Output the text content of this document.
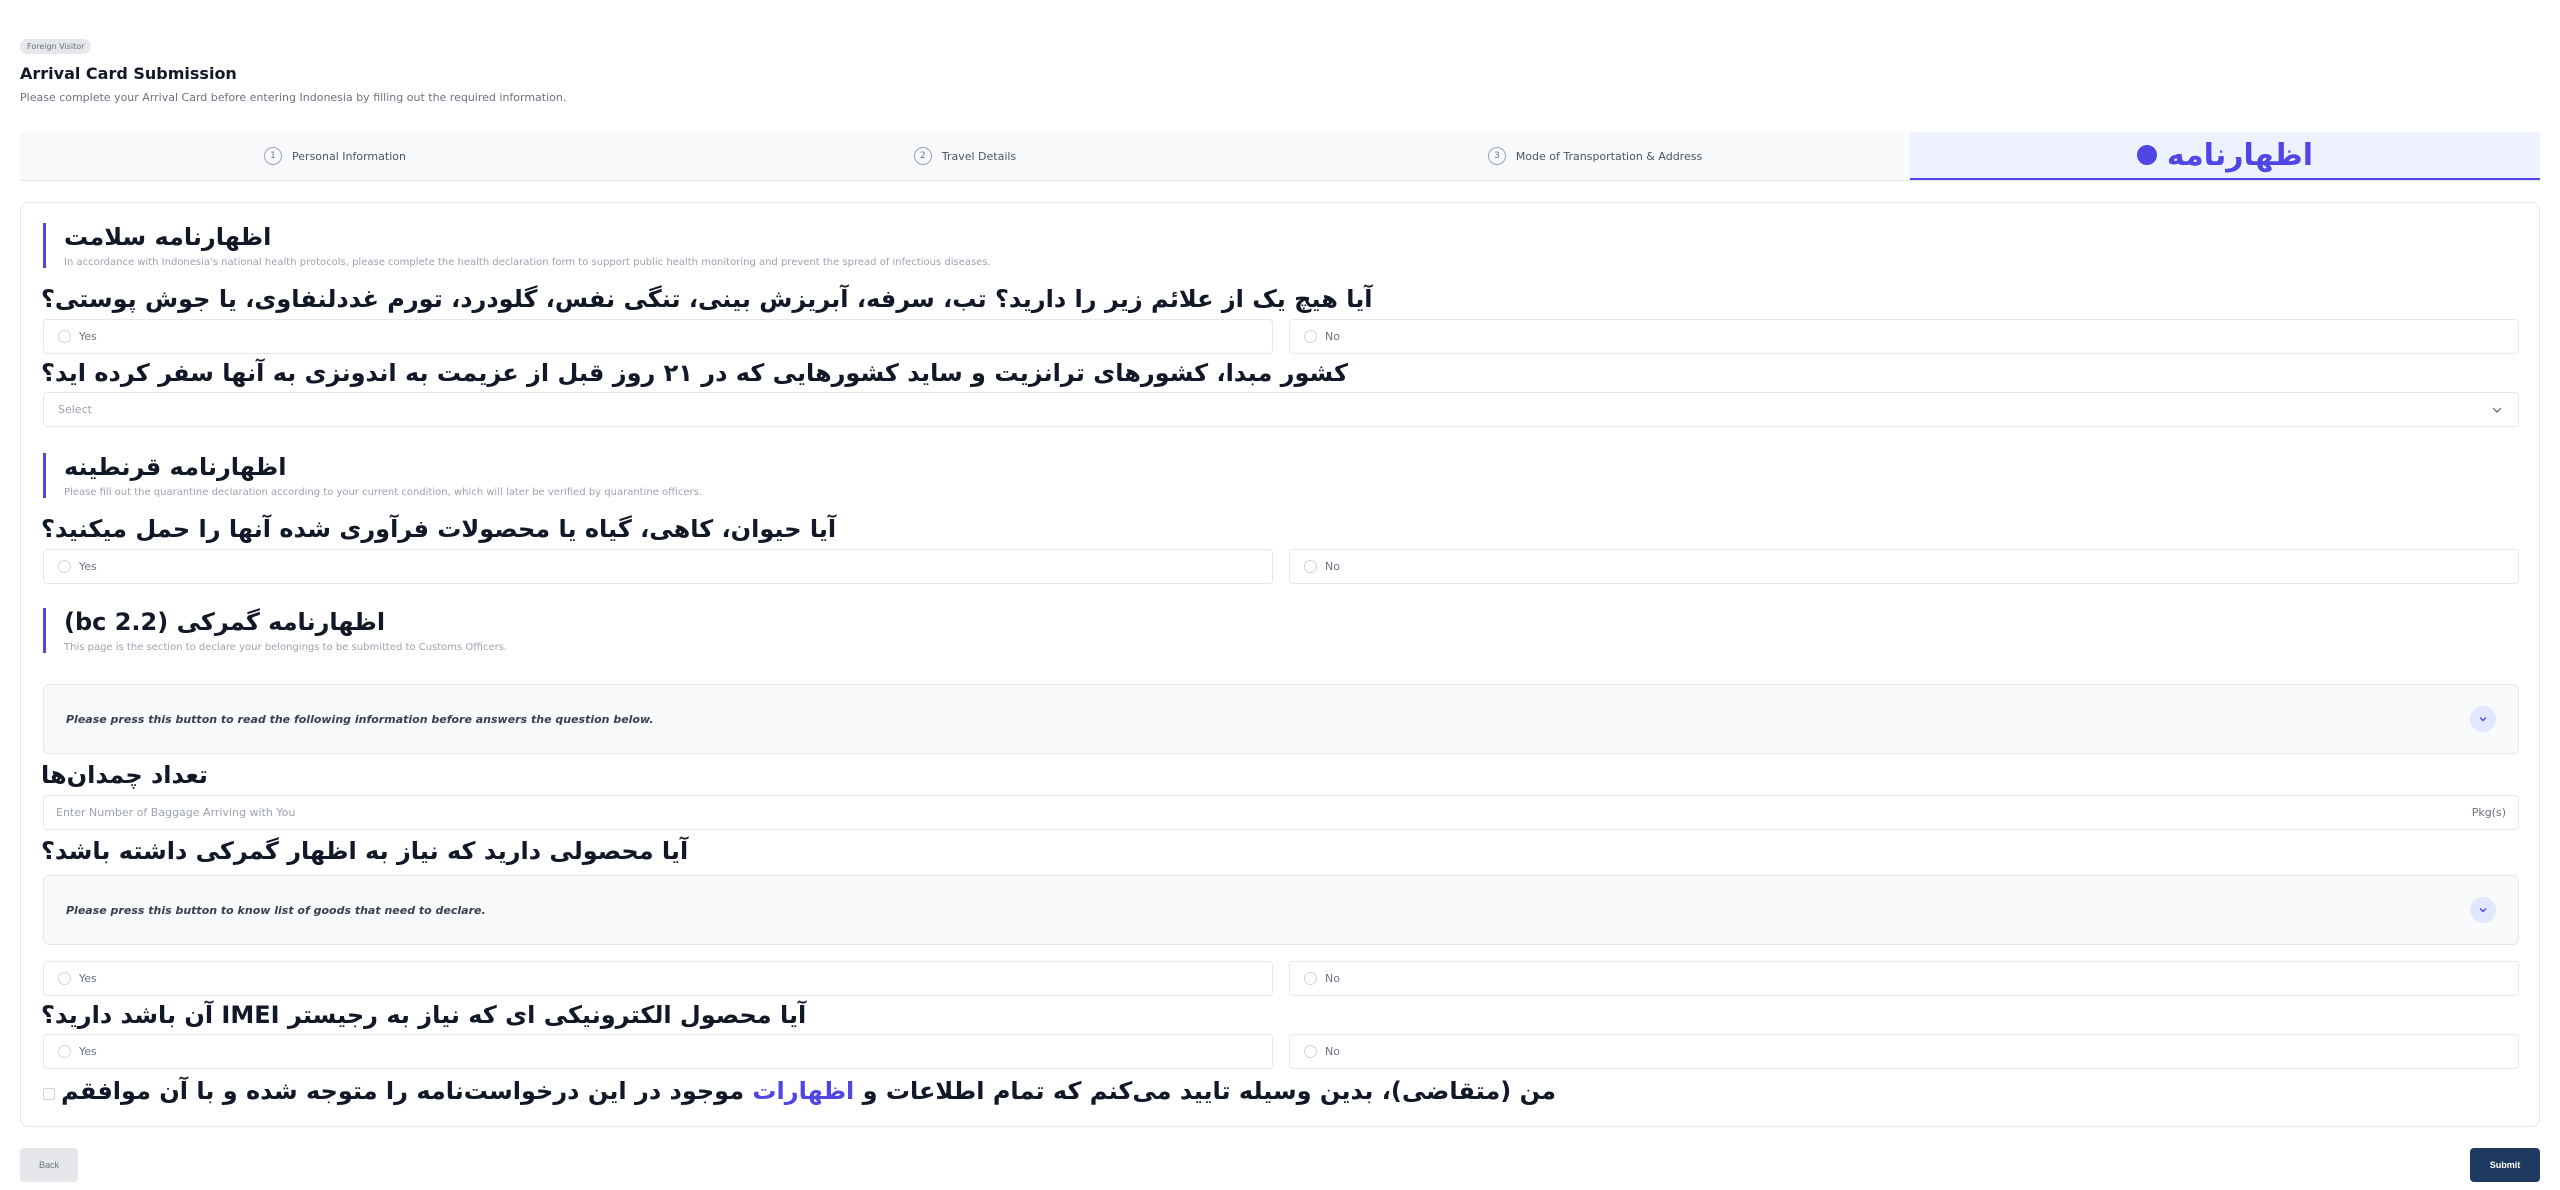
Foreign Visitor
Arrival Card Submission
Please complete your Arrival Card before entering Indonesia by filling out the required information.
1	Personal Information	2	Travel Details	3	Mode of Transportation & Address	اظهارنامه
اظهارنامه سلامت
In accordance with Indonesia's national health protocols, please complete the health declaration form to support public health monitoring and prevent the spread of infectious diseases.
آیا هیچ یک از علائم زیر را دارید؟ تب، سرفه، آبریزش بینی، تنگی نفس، گلودرد، تورم غددلنفاوی، یا جوش پوستی؟
Yes	No
کشور مبدا، کشورهای ترانزیت و ساید کشورهایی که در ۲۱ روز قبل از عزیمت به اندونزی به آنها سفر کرده اید؟
Select
اظهارنامه قرنطینه
Please fill out the quarantine declaration according to your current condition, which will later be verified by quarantine officers.
آیا حیوان، کاهی، گیاه یا محصولات فرآوری شده آنها را حمل میکنید؟
Yes	No
اظهارنامه گمرکی (bc 2.2)
This page is the section to declare your belongings to be submitted to Customs Officers.
Please press this button to read the following information before answers the question below.
تعداد چمدان‌ها
Enter Number of Baggage Arriving with You	Pkg(s)
آیا محصولی دارید که نیاز به اظهار گمرکی داشته باشد؟
Please press this button to know list of goods that need to declare.
Yes	No
آیا محصول الکترونیکی ای که نیاز به رجیستر IMEI آن باشد دارید؟
Yes	No
من (متقاضی)، بدین وسیله تایید می‌کنم که تمام اطلاعات و اظهارات موجود در این درخواست‌نامه را متوجه شده و با آن موافقم
Back	Submit
